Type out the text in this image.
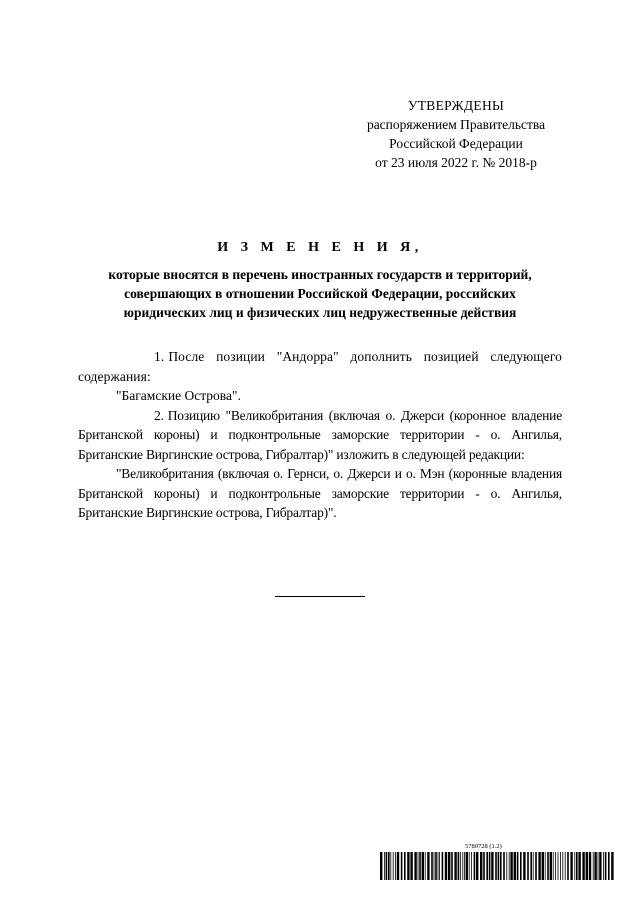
УТВЕРЖДЕНЫ
распоряжением Правительства
Российской Федерации
от 23 июля 2022 г. № 2018-р
И З М Е Н Е Н И Я,
которые вносятся в перечень иностранных государств и территорий,
совершающих в отношении Российской Федерации, российских
юридических лиц и физических лиц недружественные действия

1. После позиции "Андорра" дополнить позицией следующего содержания:

"Багамские Острова".

2. Позицию "Великобритания (включая о. Джерси (коронное владение Британской короны) и подконтрольные заморские территории - о. Ангилья, Британские Виргинские острова, Гибралтар)" изложить в следующей редакции:

"Великобритания (включая о. Гернси, о. Джерси и о. Мэн (коронные владения Британской короны) и подконтрольные заморские территории - о. Ангилья, Британские Виргинские острова, Гибралтар)".

5780728 (1.2)
